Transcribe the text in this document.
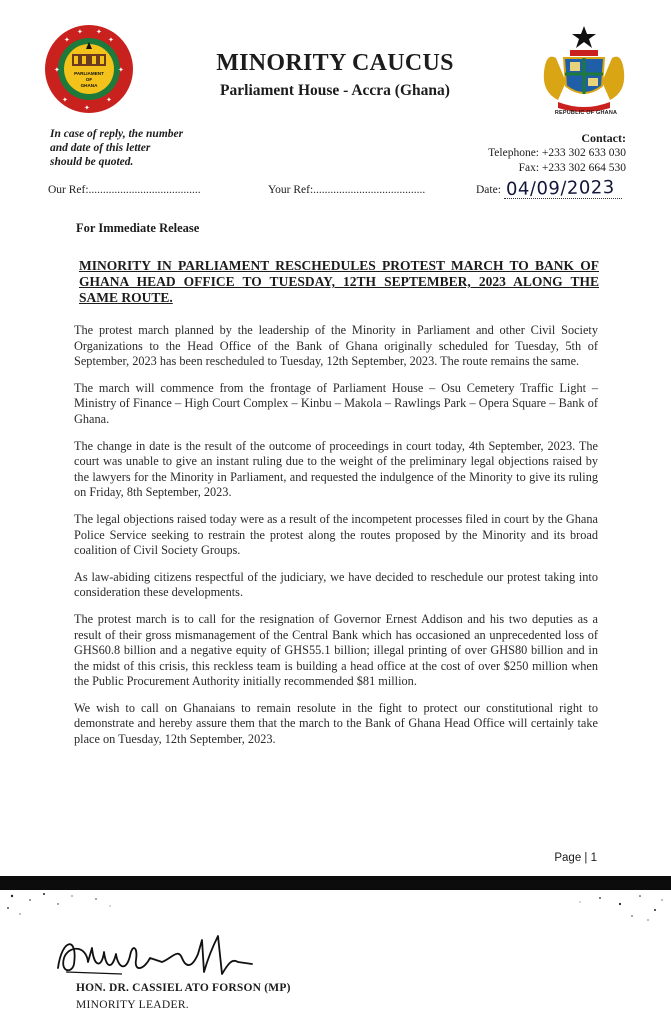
PARLIAMENT
OF
GHANA
✦
✦ ✦
✦
✦	✦
✦
✦
✦
MINORITY CAUCUS
Parliament House - Accra (Ghana)
REPUBLIC OF GHANA
In case of reply, the number
and date of this letter
should be quoted.
Contact:
Telephone: +233 302 633 030
Fax: +233 302 664 530
Our Ref:.......................................	Your Ref:.......................................	Date: 04/09/2023
For Immediate Release
MINORITY IN PARLIAMENT RESCHEDULES PROTEST MARCH TO BANK OF GHANA HEAD OFFICE TO TUESDAY, 12TH SEPTEMBER, 2023 ALONG THE SAME ROUTE.

The protest march planned by the leadership of the Minority in Parliament and other Civil Society Organizations to the Head Office of the Bank of Ghana originally scheduled for Tuesday, 5th of September, 2023 has been rescheduled to Tuesday, 12th September, 2023. The route remains the same.

The march will commence from the frontage of Parliament House – Osu Cemetery Traffic Light – Ministry of Finance – High Court Complex – Kinbu – Makola – Rawlings Park – Opera Square – Bank of Ghana.

The change in date is the result of the outcome of proceedings in court today, 4th September, 2023. The court was unable to give an instant ruling due to the weight of the preliminary legal objections raised by the lawyers for the Minority in Parliament, and requested the indulgence of the Minority to give its ruling on Friday, 8th September, 2023.

The legal objections raised today were as a result of the incompetent processes filed in court by the Ghana Police Service seeking to restrain the protest along the routes proposed by the Minority and its broad coalition of Civil Society Groups.

As law-abiding citizens respectful of the judiciary, we have decided to reschedule our protest taking into consideration these developments.

The protest march is to call for the resignation of Governor Ernest Addison and his two deputies as a result of their gross mismanagement of the Central Bank which has occasioned an unprecedented loss of GHS60.8 billion and a negative equity of GHS55.1 billion; illegal printing of over GHS80 billion and in the midst of this crisis, this reckless team is building a head office at the cost of over $250 million when the Public Procurement Authority initially recommended $81 million.

We wish to call on Ghanaians to remain resolute in the fight to protect our constitutional right to demonstrate and hereby assure them that the march to the Bank of Ghana Head Office will certainly take place on Tuesday, 12th September, 2023.

Page | 1
HON. DR. CASSIEL ATO FORSON (MP)
MINORITY LEADER.
